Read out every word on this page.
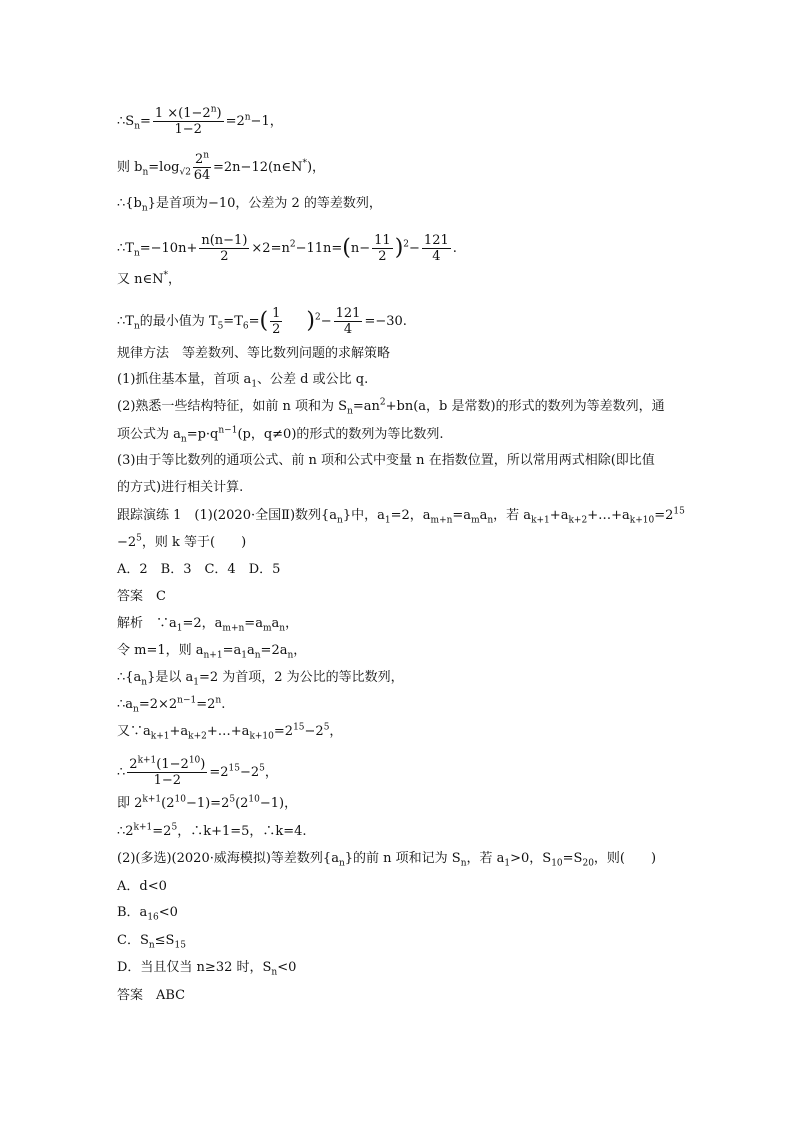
$\therefore S_n= \frac{1 \times(1-2^n)}{1-2} =2^n-1$，
则 $b_n=\log_{√2} \frac{2^n}{64}$ =2n−12(n∈N*)，
$\therefore\{b_n\}$是首项为−10，公差为 2 的等差数列，
$\therefore T_n=-10n+ \frac{n(n-1)}{2} \times 2=n^2-11n=(n- \frac{11}{2} )^2- \frac{121}{4}$ .
又 n∈N*，
$\therefore T_n$的最小值为 $T_5=T_6=( \frac{1}{2} )^2- \frac{121}{4} =-30$.
规律方法　等差数列、等比数列问题的求解策略
(1)抓住基本量，首项 $a_1$、公差 d 或公比 q.
(2)熟悉一些结构特征，如前 n 项和为 $S_n=an^2+bn(a$，b 是常数)的形式的数列为等差数列，通
项公式为 $a_n=p\cdot q^{n-1}(p$，q≠0)的形式的数列为等比数列.
(3)由于等比数列的通项公式、前 n 项和公式中变量 n 在指数位置，所以常用两式相除(即比值
的方式)进行相关计算.
跟踪演练 1　(1)(2020·全国Ⅱ)数列$\{a_n\}$中，$a_1=2$，$a_{m+n}=a_ma_n$，若 $a_{k+1}+a_{k+2}+\dots+a_{k+10}=2^{15}$
$-2^5$，则 k 等于(　　)
A．2　B．3　C．4　D．5
答案　C
解析　$\because a_1=2$，$a_{m+n}=a_ma_n$，
令 m=1，则 $a_{n+1}=a_1a_n=2a_n$，
$\therefore\{a_n\}$是以 $a_1=2$ 为首项，2 为公比的等比数列，
$\therefore a_n=2\times 2^{n-1}=2^n$.
又$\because a_{k+1}+a_{k+2}+\dots+a_{k+10}=2^{15}-2^5$，
∴ $\frac{2^{k+1}(1-2^{10})}{1-2} =2^{15}-2^5$，
即 $2^{k+1}(2^{10}-1)=2^5(2^{10}-1)$，
$\therefore 2^{k+1}=2^5$，∴k+1=5，∴k=4.
(2)(多选)(2020·威海模拟)等差数列$\{a_n\}$的前 n 项和记为 $S_n$，若 $a_1>0$，$S_{10}=S_{20}$，则(　　)
A．d<0
B．$a_{16}<0$
C．$S_n\le S_{15}$
D．当且仅当 n≥32 时，$S_n<0$
答案　ABC
